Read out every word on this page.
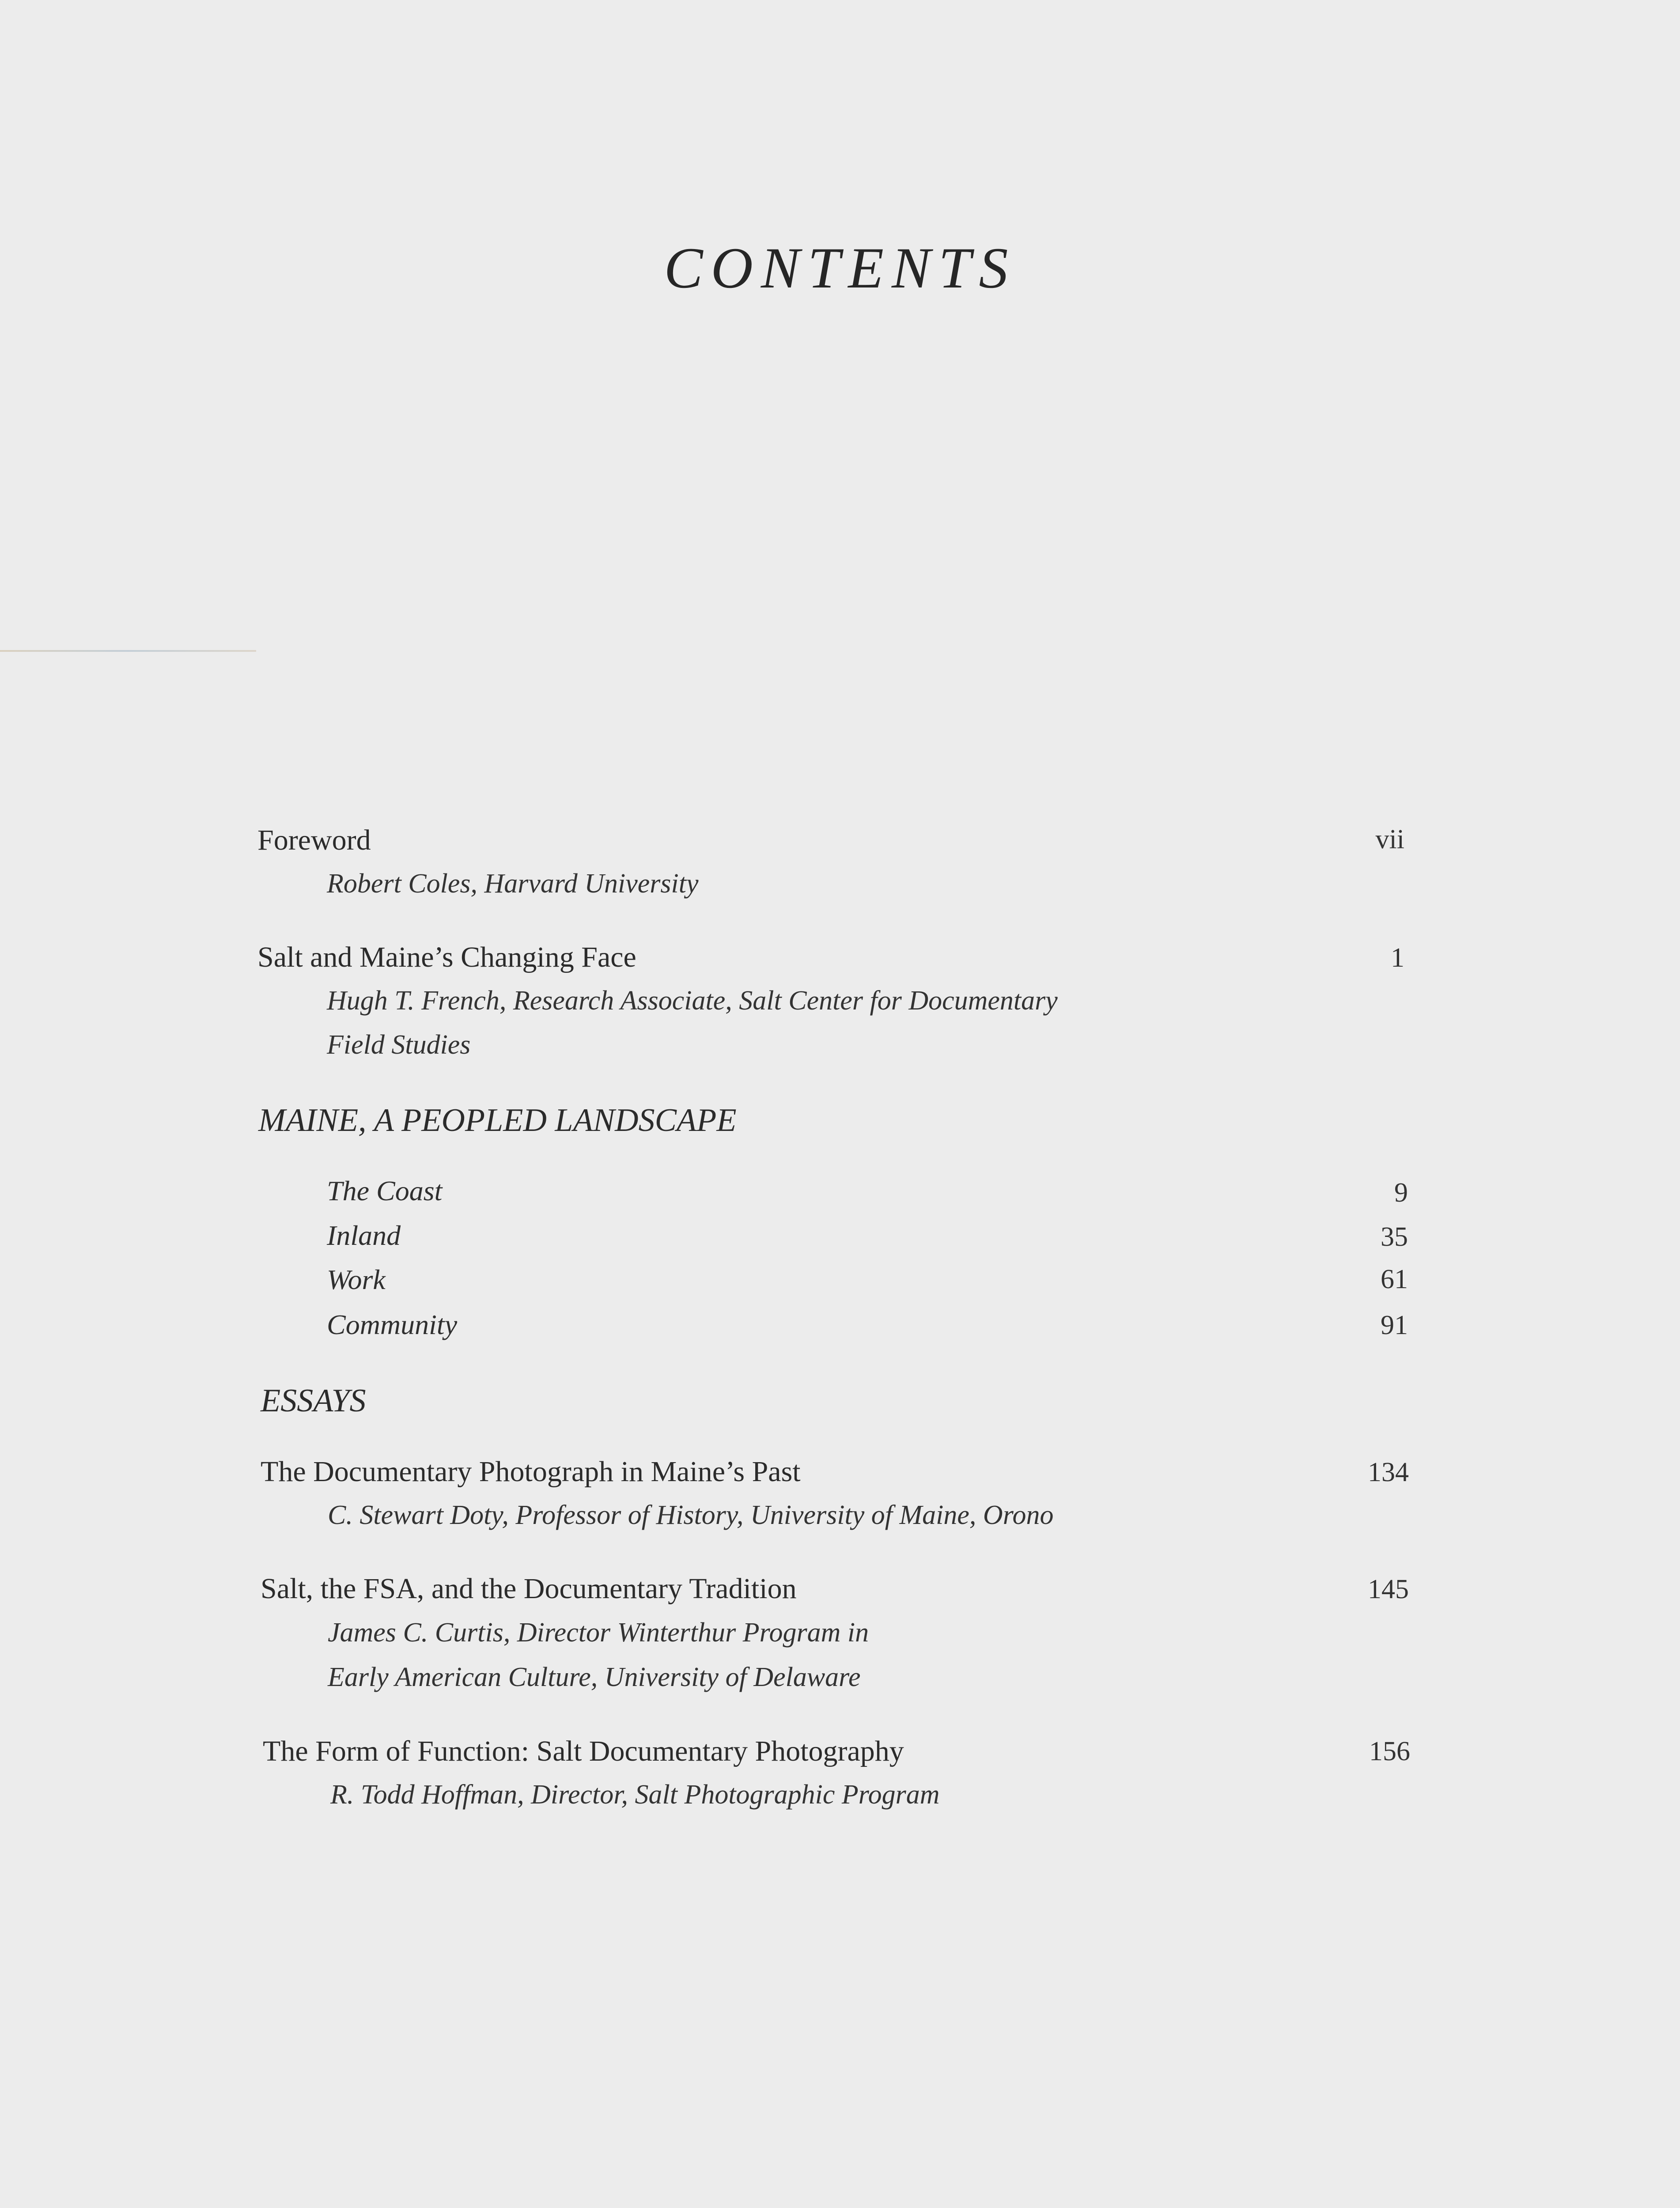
CONTENTS
Foreword	vii
Robert Coles, Harvard University
Salt and Maine’s Changing Face	1
Hugh T. French, Research Associate, Salt Center for Documentary
Field Studies
MAINE, A PEOPLED LANDSCAPE
The Coast	9
Inland	35
Work	61
Community	91
ESSAYS
The Documentary Photograph in Maine’s Past	134
C. Stewart Doty, Professor of History, University of Maine, Orono
Salt, the FSA, and the Documentary Tradition	145
James C. Curtis, Director Winterthur Program in
Early American Culture, University of Delaware
The Form of Function: Salt Documentary Photography	156
R. Todd Hoffman, Director, Salt Photographic Program
